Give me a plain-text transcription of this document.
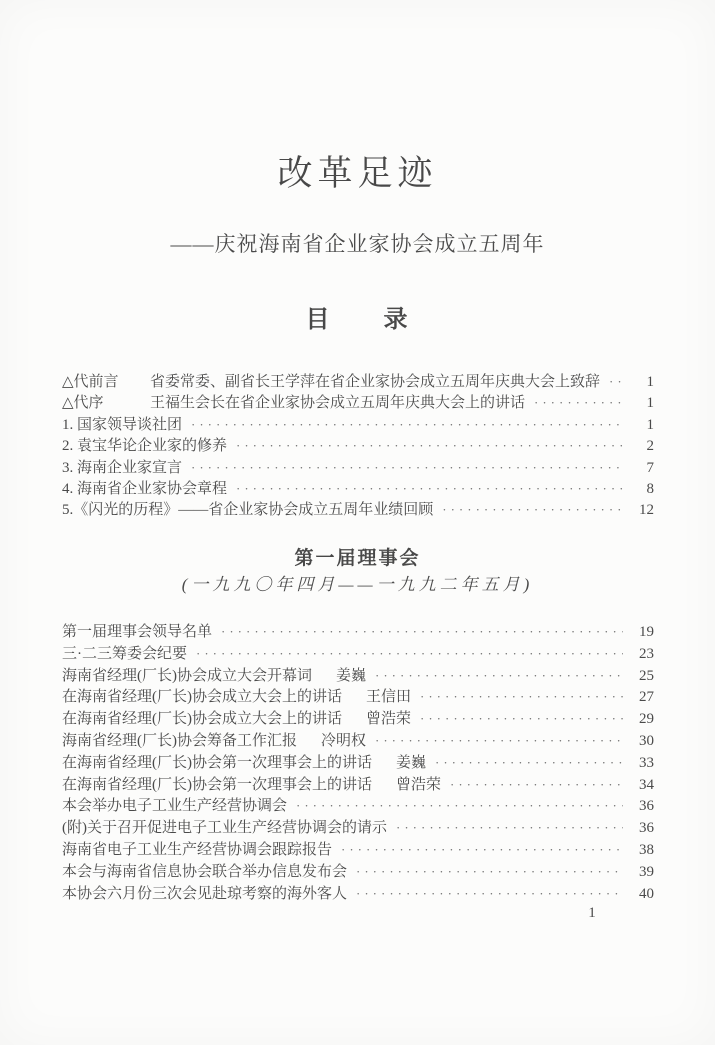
改革足迹
——庆祝海南省企业家协会成立五周年
目　　录
△代前言	省委常委、副省长王学萍在省企业家协会成立五周年庆典大会上致辞 ·····	1
△代序	王福生会长在省企业家协会成立五周年庆典大会上的讲话 ·····	1
1. 国家领导谈社团 ·····	1
2. 袁宝华论企业家的修养 ·····	2
3. 海南企业家宣言 ·····	7
4. 海南省企业家协会章程 ·····	8
5.《闪光的历程》——省企业家协会成立五周年业绩回顾 ·····	12
第一届理事会
(一九九〇年四月——一九九二年五月)
第一届理事会领导名单 ·····	19
三·二三筹委会纪要 ·····	23
海南省经理(厂长)协会成立大会开幕词 姜巍 ·····	25
在海南省经理(厂长)协会成立大会上的讲话 王信田 ·····	27
在海南省经理(厂长)协会成立大会上的讲话 曾浩荣 ·····	29
海南省经理(厂长)协会筹备工作汇报 冷明权 ·····	30
在海南省经理(厂长)协会第一次理事会上的讲话 姜巍 ·····	33
在海南省经理(厂长)协会第一次理事会上的讲话 曾浩荣 ·····	34
本会举办电子工业生产经营协调会 ·····	36
(附)关于召开促进电子工业生产经营协调会的请示 ·····	36
海南省电子工业生产经营协调会跟踪报告 ·····	38
本会与海南省信息协会联合举办信息发布会 ·····	39
本协会六月份三次会见赴琼考察的海外客人 ·····	40
1
